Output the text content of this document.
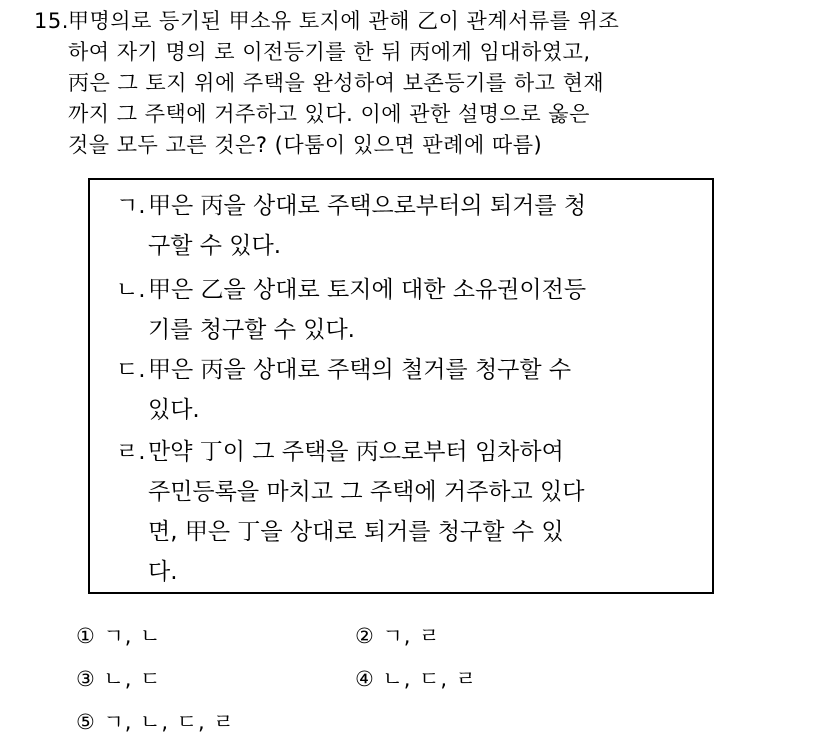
15.甲명의로 등기된 甲소유 토지에 관해 乙이 관계서류를 위조
하여 자기 명의 로 이전등기를 한 뒤 丙에게 임대하였고,
丙은 그 토지 위에 주택을 완성하여 보존등기를 하고 현재
까지 그 주택에 거주하고 있다. 이에 관한 설명으로 옳은
것을 모두 고른 것은? (다툼이 있으면 판례에 따름)
ㄱ. 甲은 丙을 상대로 주택으로부터의 퇴거를 청
구할 수 있다.
ㄴ. 甲은 乙을 상대로 토지에 대한 소유권이전등
기를 청구할 수 있다.
ㄷ. 甲은 丙을 상대로 주택의 철거를 청구할 수
있다.
ㄹ. 만약 丁이 그 주택을 丙으로부터 임차하여
주민등록을 마치고 그 주택에 거주하고 있다
면, 甲은 丁을 상대로 퇴거를 청구할 수 있
다.
① ㄱ, ㄴ	② ㄱ, ㄹ
③ ㄴ, ㄷ	④ ㄴ, ㄷ, ㄹ
⑤ ㄱ, ㄴ, ㄷ, ㄹ
